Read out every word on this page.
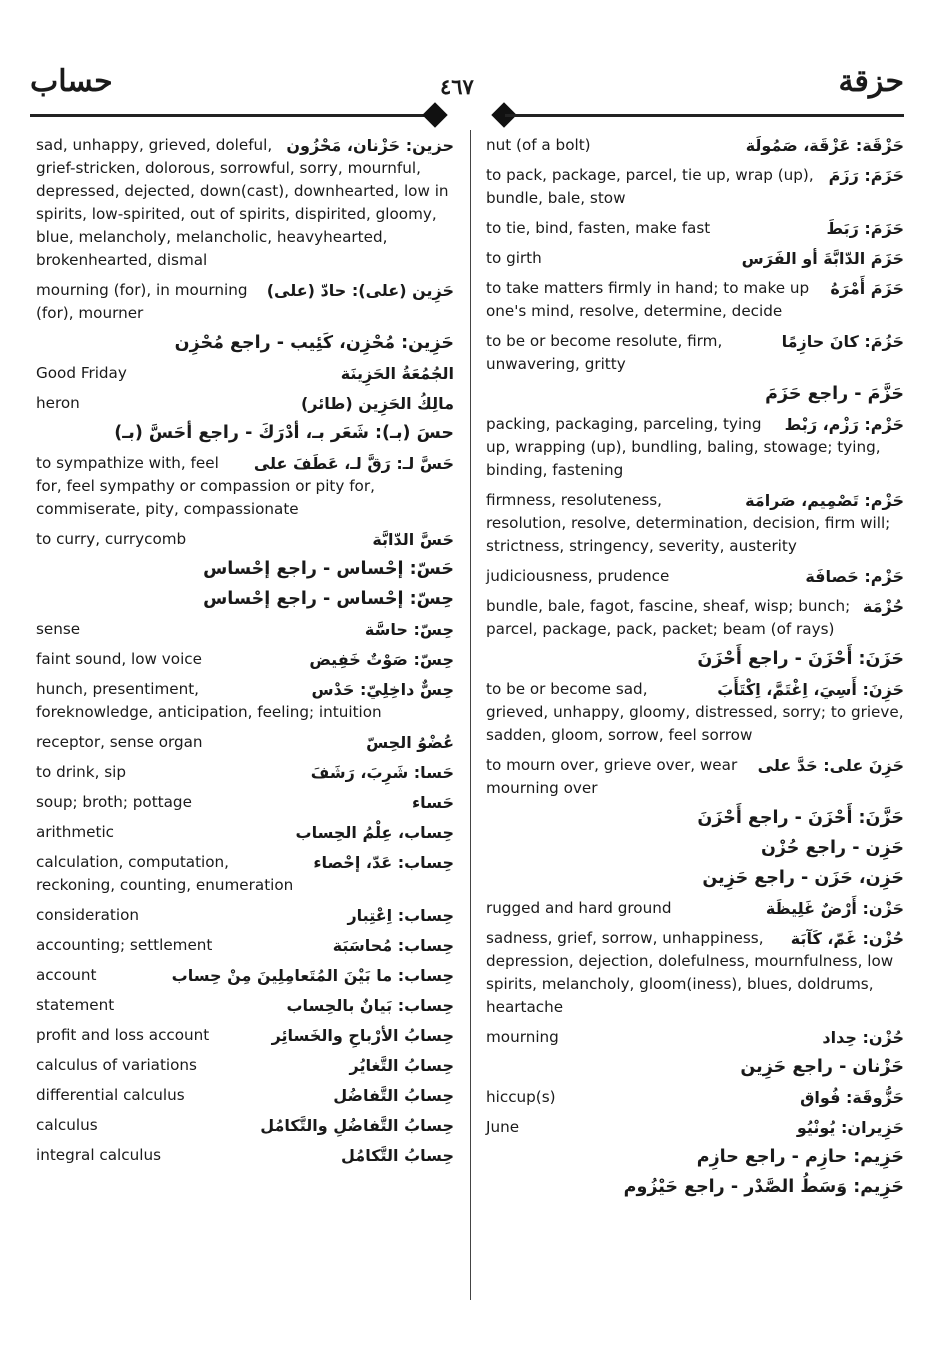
حساب	٤٦٧	حزقة
حزين: حَزْنان، مَحْزُون
sad, unhappy, grieved, doleful, grief-stricken, dolorous, sorrowful, sorry, mournful, depressed, dejected, down(cast), downhearted, low in spirits, low-spirited, out of spirits, dispirited, gloomy, blue, melancholy, melancholic, heavyhearted, brokenhearted, dismal
حَزِين (على): حادّ (على)
mourning (for), in mourning (for), mourner
حَزِين: مُحْزِن، كَئِيب - راجع مُحْزِن
الجُمُعَةُ الحَزِينَة
Good Friday
مالِكُ الحَزِين (طائر)
heron
حسَ (بـ): شَعَر بـ، أدْرَكَ - راجع أحَسَّ (بـ)
حَسَّ لـ: رَقَّ لـ، عَطَفَ على
to sympathize with, feel for, feel sympathy or compassion or pity for, commiserate, pity, compassionate
حَسَّ الدّابَّة
to curry, currycomb
حَسّ: إحْساس - راجع إحْساس
حِسّ: إحْساس - راجع إحْساس
حِسّ: حاسَّة
sense
حِسّ: صَوْتٌ خَفِيض
faint sound, low voice
حِسٌّ داخِلِيّ: حَدْس
hunch, presentiment, foreknowledge, anticipation, feeling; intuition
عُضْوُ الحِسّ
receptor, sense organ
حَسا: شَرِبَ، رَشَفَ
to drink, sip
حَساء
soup; broth; pottage
حِساب، عِلْمُ الحِساب
arithmetic
حِساب: عَدّ، إحْصاء
calculation, computation, reckoning, counting, enumeration
حِساب: اِعْتِبار
consideration
حِساب: مُحاسَبَة
accounting; settlement
حِساب: ما بَيْنَ المُتَعامِلِينَ مِنْ حِساب
account
حِساب: بَيانٌ بالحِساب
statement
حِسابُ الأرْباحِ والخَسائِر
profit and loss account
حِسابُ التَّغايُر
calculus of variations
حِسابُ التَّفاضُل
differential calculus
حِسابُ التَّفاضُلِ والتَّكامُل
calculus
حِسابُ التَّكامُل
integral calculus
حَزْقَة: عَزْقَة، صَمُولَة
nut (of a bolt)
حَزَمَ: رَزَمَ
to pack, package, parcel, tie up, wrap (up), bundle, bale, stow
حَزَمَ: رَبَطَ
to tie, bind, fasten, make fast
حَزَمَ الدّابَّةَ أو الفَرَس
to girth
حَزَمَ أَمْرَهُ
to take matters firmly in hand; to make up one's mind, resolve, determine, decide
حَزُمَ: كانَ حازِمًا
to be or become resolute, firm, unwavering, gritty
حَزَّمَ - راجع حَزَمَ
حَزْم: رَزْم، رَبْط
packing, packaging, parceling, tying up, wrapping (up), bundling, baling, stowage; tying, binding, fastening
حَزْم: تَصْمِيم، صَرامَة
firmness, resoluteness, resolution, resolve, determination, decision, firm will; strictness, stringency, severity, austerity
حَزْم: حَصافَة
judiciousness, prudence
حُزْمَة
bundle, bale, fagot, fascine, sheaf, wisp; bunch; parcel, package, pack, packet; beam (of rays)
حَزَنَ: أَحْزَنَ - راجع أَحْزَنَ
حَزِنَ: أَسِيَ، اِغْتَمَّ، اِكْتَأَبَ
to be or become sad, grieved, unhappy, gloomy, distressed, sorry; to grieve, sadden, gloom, sorrow, feel sorrow
حَزِنَ على: حَدَّ على
to mourn over, grieve over, wear mourning over
حَزَّنَ: أَحْزَنَ - راجع أَحْزَنَ
حَزِن - راجع حُزْن
حَزِن، حَزَن - راجع حَزِين
حَزْن: أَرْضٌ غَلِيظَة
rugged and hard ground
حُزْن: غَمّ، كَآبَة
sadness, grief, sorrow, unhappiness, depression, dejection, dolefulness, mournfulness, low spirits, melancholy, gloom(iness), blues, doldrums, heartache
حُزْن: حِداد
mourning
حَزْنان - راجع حَزِين
حَزُّوقَة: فُواق
hiccup(s)
حَزِيران: يُونْيُو
June
حَزِيم: حازِم - راجع حازِم
حَزِيم: وَسَطُ الصَّدْر - راجع حَيْزُوم
